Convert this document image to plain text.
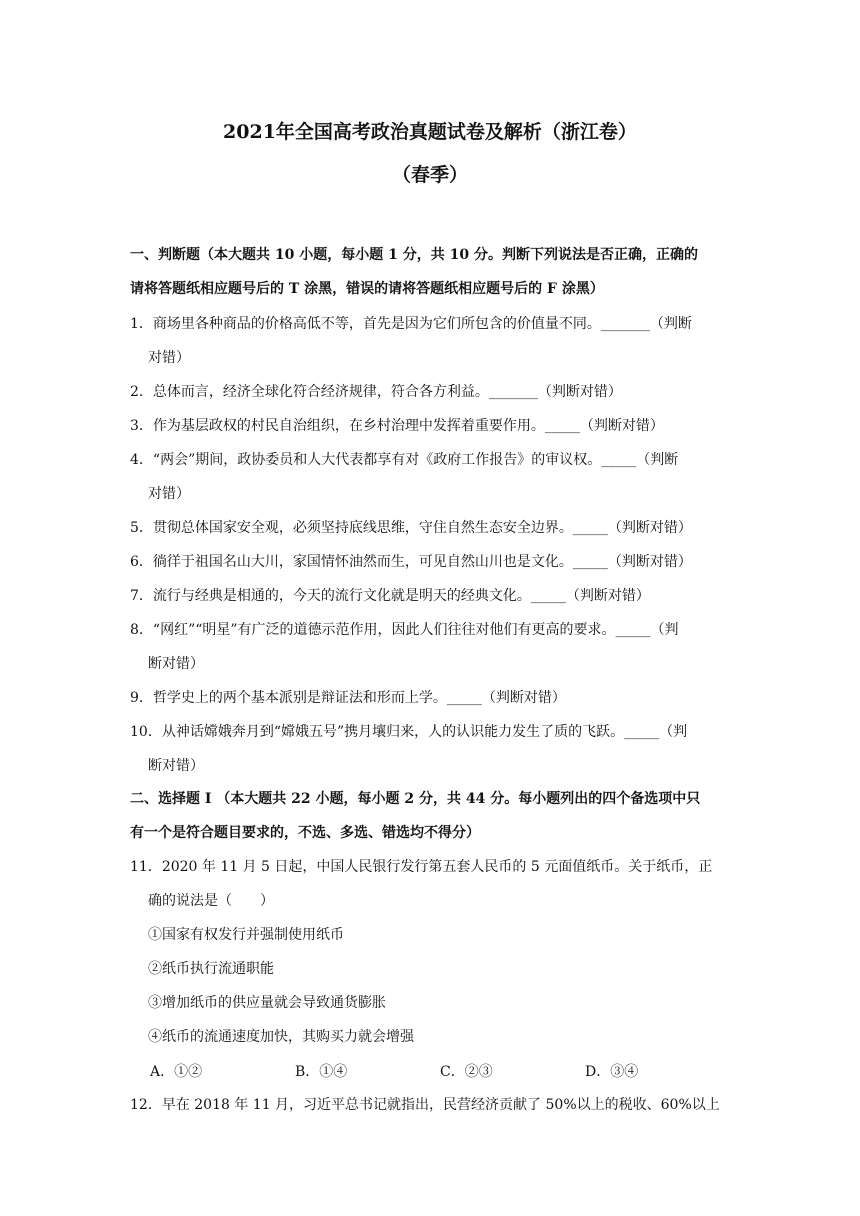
2021年全国高考政治真题试卷及解析（浙江卷）
（春季）
一、判断题（本大题共 10 小题，每小题 1 分，共 10 分。判断下列说法是否正确，正确的
请将答题纸相应题号后的 T 涂黑，错误的请将答题纸相应题号后的 F 涂黑）
1．商场里各种商品的价格高低不等，首先是因为它们所包含的价值量不同。_______（判断
对错）
2．总体而言，经济全球化符合经济规律，符合各方利益。_______（判断对错）
3．作为基层政权的村民自治组织，在乡村治理中发挥着重要作用。_____（判断对错）
4．“两会”期间，政协委员和人大代表都享有对《政府工作报告》的审议权。_____（判断
对错）
5．贯彻总体国家安全观，必须坚持底线思维，守住自然生态安全边界。_____（判断对错）
6．徜徉于祖国名山大川，家国情怀油然而生，可见自然山川也是文化。_____（判断对错）
7．流行与经典是相通的，今天的流行文化就是明天的经典文化。_____（判断对错）
8．“网红”“明星”有广泛的道德示范作用，因此人们往往对他们有更高的要求。_____（判
断对错）
9．哲学史上的两个基本派别是辩证法和形而上学。_____（判断对错）
10．从神话嫦娥奔月到“嫦娥五号”携月壤归来，人的认识能力发生了质的飞跃。_____（判
断对错）
二、选择题 I （本大题共 22 小题，每小题 2 分，共 44 分。每小题列出的四个备选项中只
有一个是符合题目要求的，不选、多选、错选均不得分）
11．2020 年 11 月 5 日起，中国人民银行发行第五套人民币的 5 元面值纸币。关于纸币，正
确的说法是（　　）
①国家有权发行并强制使用纸币
②纸币执行流通职能
③增加纸币的供应量就会导致通货膨胀
④纸币的流通速度加快，其购买力就会增强
A．①②	B．①④	C．②③	D．③④
12．早在 2018 年 11 月，习近平总书记就指出，民营经济贡献了 50%以上的税收、60%以上
